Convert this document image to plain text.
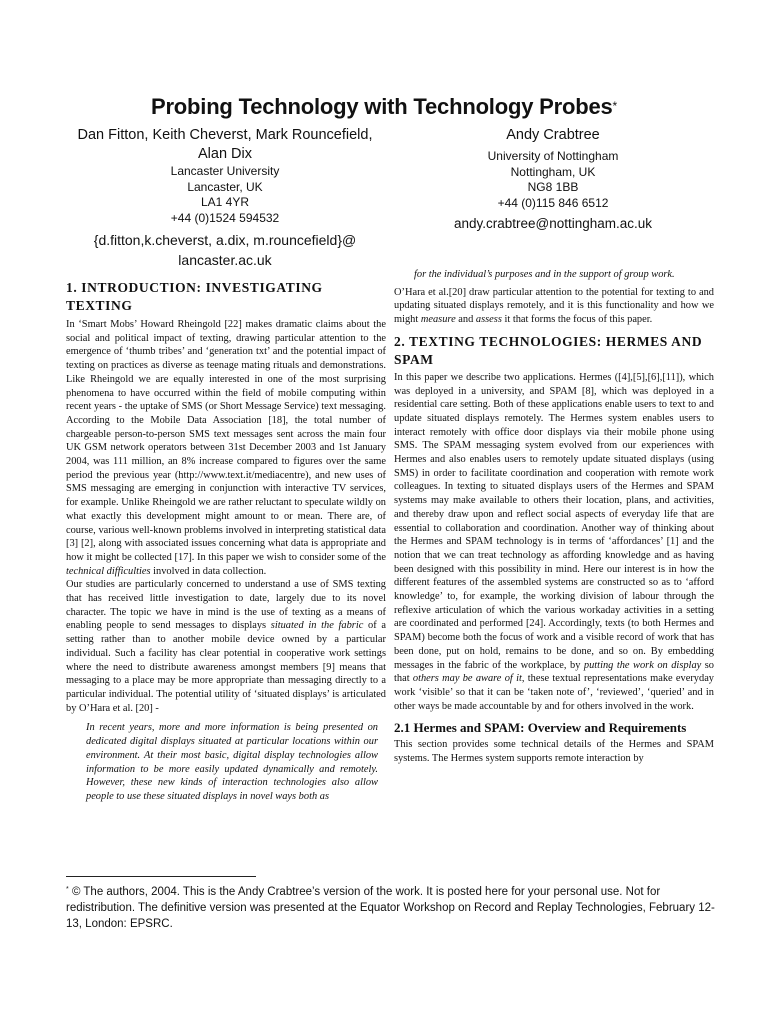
Probing Technology with Technology Probes*
Dan Fitton, Keith Cheverst, Mark Rouncefield,
Alan Dix
Lancaster University
Lancaster, UK
LA1 4YR
+44 (0)1524 594532
{d.fitton,k.cheverst, a.dix, m.rouncefield}@
lancaster.ac.uk
Andy Crabtree
University of Nottingham
Nottingham, UK
NG8 1BB
+44 (0)115 846 6512
andy.crabtree@nottingham.ac.uk
1. INTRODUCTION: INVESTIGATING TEXTING

In ‘Smart Mobs’ Howard Rheingold [22] makes dramatic claims about the social and political impact of texting, drawing particular attention to the emergence of ‘thumb tribes’ and ‘generation txt’ and the potential impact of texting on practices as diverse as teenage mating rituals and demonstrations. Like Rheingold we are equally interested in one of the most surprising phenomena to have occurred within the field of mobile computing within recent years - the uptake of SMS (or Short Message Service) text messaging. According to the Mobile Data Association [18], the total number of chargeable person-to-person SMS text messages sent across the main four UK GSM network operators between 31st December 2003 and 1st January 2004, was 111 million, an 8% increase compared to figures over the same period the previous year (http://www.text.it/mediacentre), and new uses of SMS messaging are emerging in conjunction with interactive TV services, for example. Unlike Rheingold we are rather reluctant to speculate wildly on what exactly this development might amount to or mean. There are, of course, various well-known problems involved in interpreting statistical data [3] [2], along with associated issues concerning what data is appropriate and how it might be collected [17]. In this paper we wish to consider some of the technical difficulties involved in data collection.

Our studies are particularly concerned to understand a use of SMS texting that has received little investigation to date, largely due to its novel character. The topic we have in mind is the use of texting as a means of enabling people to send messages to displays situated in the fabric of a setting rather than to another mobile device owned by a particular individual. Such a facility has clear potential in cooperative work settings where the need to distribute awareness amongst members [9] means that messaging to a place may be more appropriate than messaging directly to a particular individual. The potential utility of ‘situated displays’ is articulated by O’Hara et al. [20] -

In recent years, more and more information is being presented on dedicated digital displays situated at particular locations within our environment. At their most basic, digital display technologies allow information to be more easily updated dynamically and remotely. However, these new kinds of interaction technologies also allow people to use these situated displays in novel ways both as

for the individual’s purposes and in the support of group work.

O’Hara et al.[20] draw particular attention to the potential for texting to and updating situated displays remotely, and it is this functionality and how we might measure and assess it that forms the focus of this paper.

2. TEXTING TECHNOLOGIES: HERMES AND SPAM

In this paper we describe two applications. Hermes ([4],[5],[6],[11]), which was deployed in a university, and SPAM [8], which was deployed in a residential care setting. Both of these applications enable users to text to and update situated displays remotely. The Hermes system enables users to interact remotely with office door displays via their mobile phone using SMS. The SPAM messaging system evolved from our experiences with Hermes and also enables users to remotely update situated displays (using SMS) in order to facilitate coordination and cooperation with remote work colleagues. In texting to situated displays users of the Hermes and SPAM systems may make available to others their location, plans, and activities, and thereby draw upon and reflect social aspects of everyday life that are essential to collaboration and coordination. Another way of thinking about the Hermes and SPAM technology is in terms of ‘affordances’ [1] and the notion that we can treat technology as affording knowledge and as having been designed with this possibility in mind. Here our interest is in how the different features of the assembled systems are constructed so as to ‘afford knowledge’ to, for example, the working division of labour through the reflexive articulation of which the various workaday activities in a setting are coordinated and performed [24]. Accordingly, texts (to both Hermes and SPAM) become both the focus of work and a visible record of work that has been done, put on hold, remains to be done, and so on. By embedding messages in the fabric of the workplace, by putting the work on display so that others may be aware of it, these textual representations make everyday work ‘visible’ so that it can be ‘taken note of’, ‘reviewed’, ‘queried’ and in other ways be made accountable by and for others involved in the work.

2.1 Hermes and SPAM: Overview and Requirements

This section provides some technical details of the Hermes and SPAM systems. The Hermes system supports remote interaction by

* © The authors, 2004. This is the Andy Crabtree’s version of the work. It is posted here for your personal use. Not for redistribution. The definitive version was presented at the Equator Workshop on Record and Replay Technologies, February 12-13, London: EPSRC.
